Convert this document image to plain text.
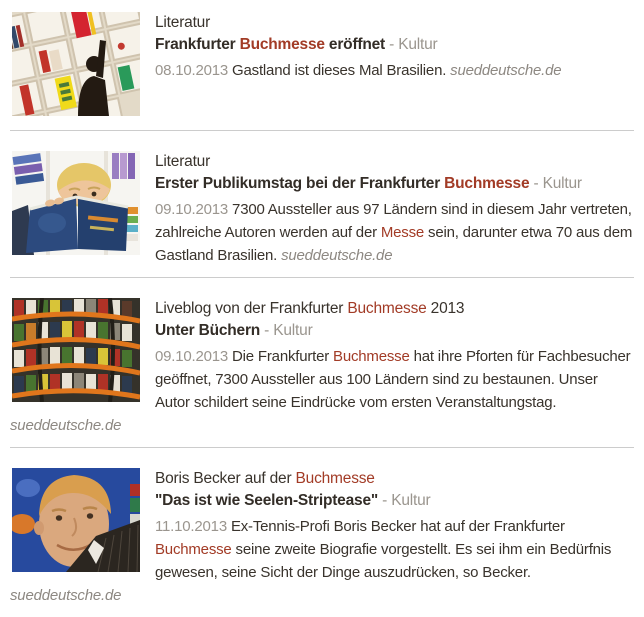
Literatur
Frankfurter Buchmesse eröffnet - Kultur
08.10.2013 Gastland ist dieses Mal Brasilien. sueddeutsche.de
Literatur
Erster Publikumstag bei der Frankfurter Buchmesse - Kultur
09.10.2013 7300 Aussteller aus 97 Ländern sind in diesem Jahr vertreten, zahlreiche Autoren werden auf der Messe sein, darunter etwa 70 aus dem Gastland Brasilien. sueddeutsche.de
Liveblog von der Frankfurter Buchmesse 2013
Unter Büchern - Kultur
09.10.2013 Die Frankfurter Buchmesse hat ihre Pforten für Fachbesucher geöffnet, 7300 Aussteller aus 100 Ländern sind zu bestaunen. Unser Autor schildert seine Eindrücke vom ersten Veranstaltungstag. sueddeutsche.de
Boris Becker auf der Buchmesse
"Das ist wie Seelen-Striptease" - Kultur
11.10.2013 Ex-Tennis-Profi Boris Becker hat auf der Frankfurter Buchmesse seine zweite Biografie vorgestellt. Es sei ihm ein Bedürfnis gewesen, seine Sicht der Dinge auszudrücken, so Becker. sueddeutsche.de
